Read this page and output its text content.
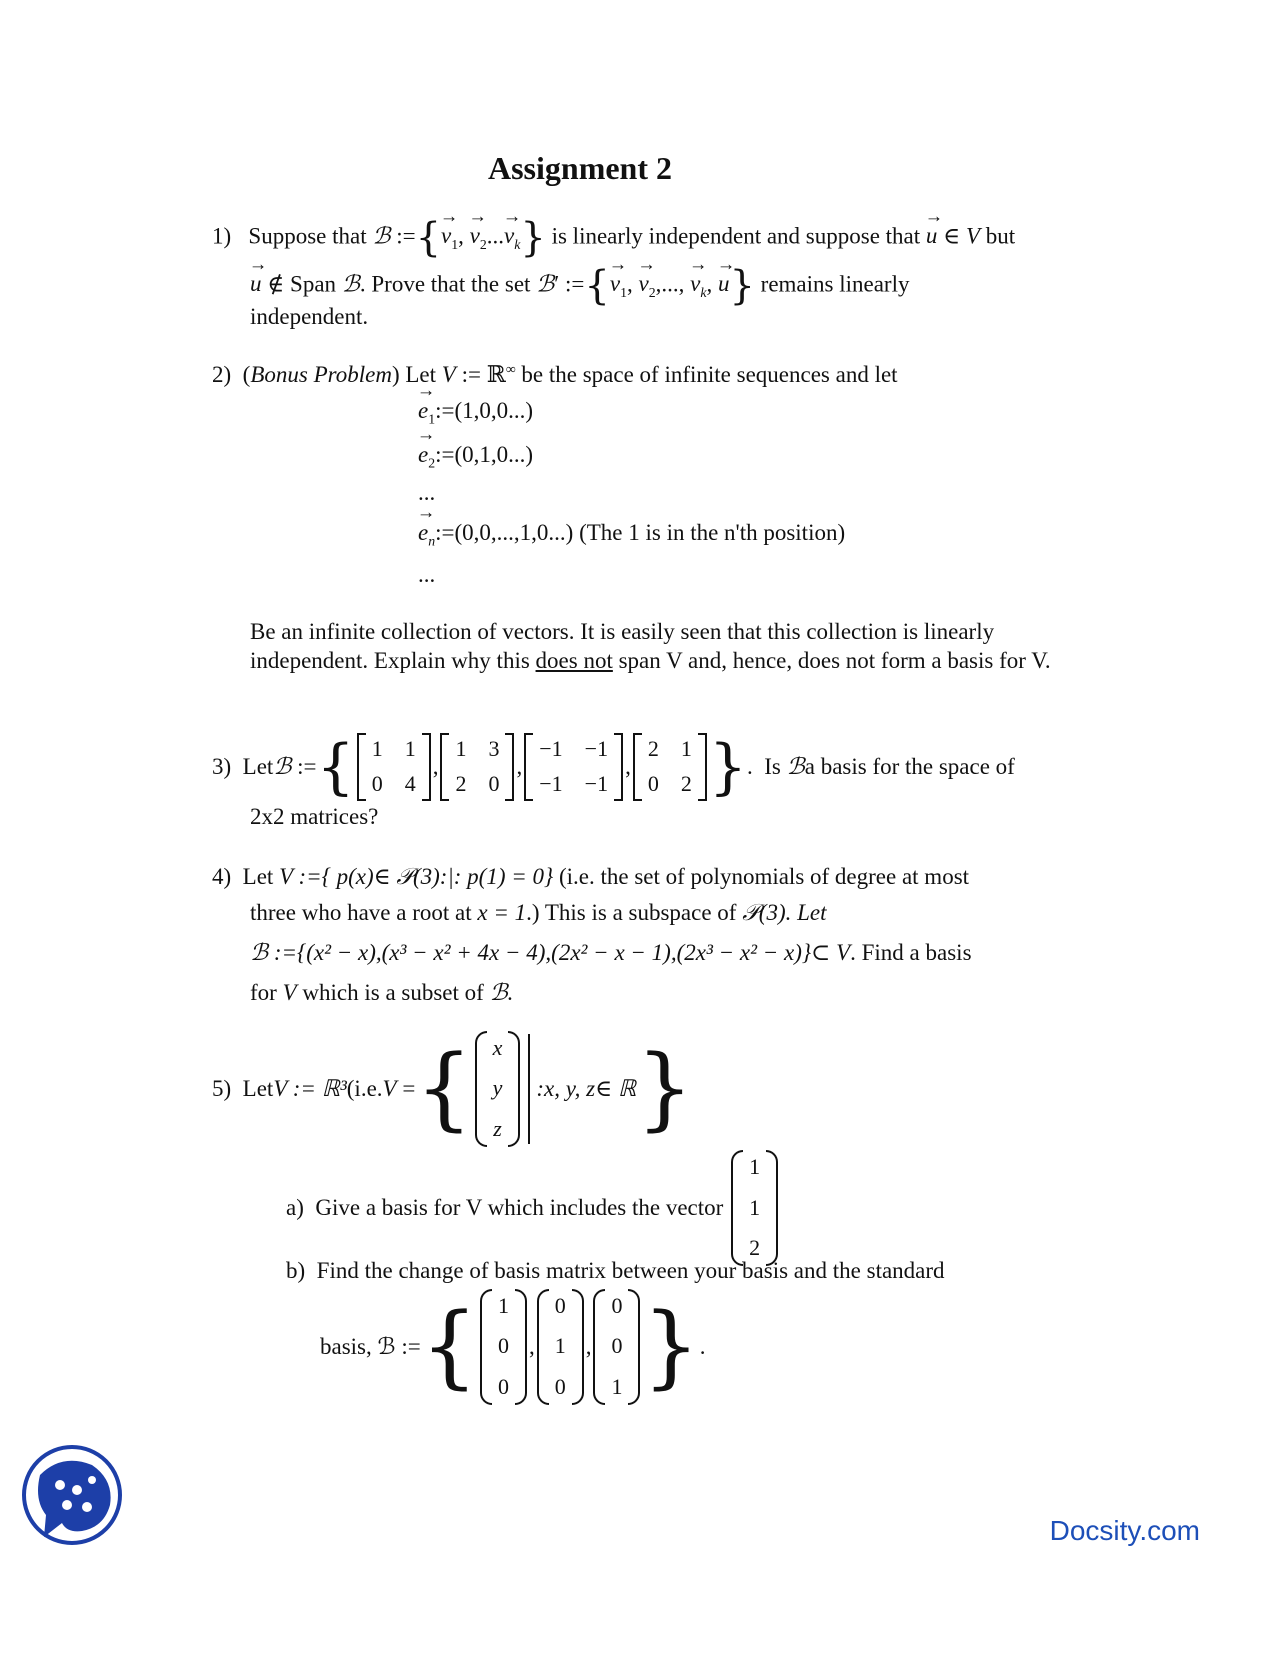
Assignment 2
1) Suppose that ℬ :={→ $v_1$, → $v_2...\to v_k$} is linearly independent and suppose that → u ∈ V but
→ u ∉ Span ℬ. Prove that the set ℬ′ :={→ $v_1$, → $v_2$,..., → $v_k$, → u} remains linearly
independent.
2)  (Bonus Problem) Let V := ℝ∞ be the space of infinite sequences and let
→ $e_1:=(1,0,0...)$
→ $e_2:=(0,1,0...)$
...
→ $e_n:=(0,0,...,1,0...)$ (The 1 is in the n'th position)
...
Be an infinite collection of vectors. It is easily seen that this collection is linearly independent. Explain why this does not span V and, hence, does not form a basis for V.
3)
Let ℬ := { 1 1
0 4
,
1 3
2 0
,
−1 −1
−1 −1
,
2 1
0 2 } .  Is ℬ a basis for the space of
2x2 matrices?
4) Let V :={ p(x)∈ 𝒫(3):|: p(1) = 0} (i.e. the set of polynomials of degree at most
three who have a root at x = 1.) This is a subspace of 𝒫(3). Let
ℬ :={(x² − x),(x³ − x² + 4x − 4),(2x² − x − 1),(2x³ − x² − x)}⊂ V. Find a basis
for V which is a subset of ℬ.
5)
Let V := ℝ³ (i.e. V = { x
y
z
:x, y, z∈ ℝ }
a)
Give a basis for V which includes the vector

1
1
2
b) Find the change of basis matrix between your basis and the standard
basis, ℬ := { 1
0
0
,
0
1
0
,
0
0
1 } .
Docsity.com
